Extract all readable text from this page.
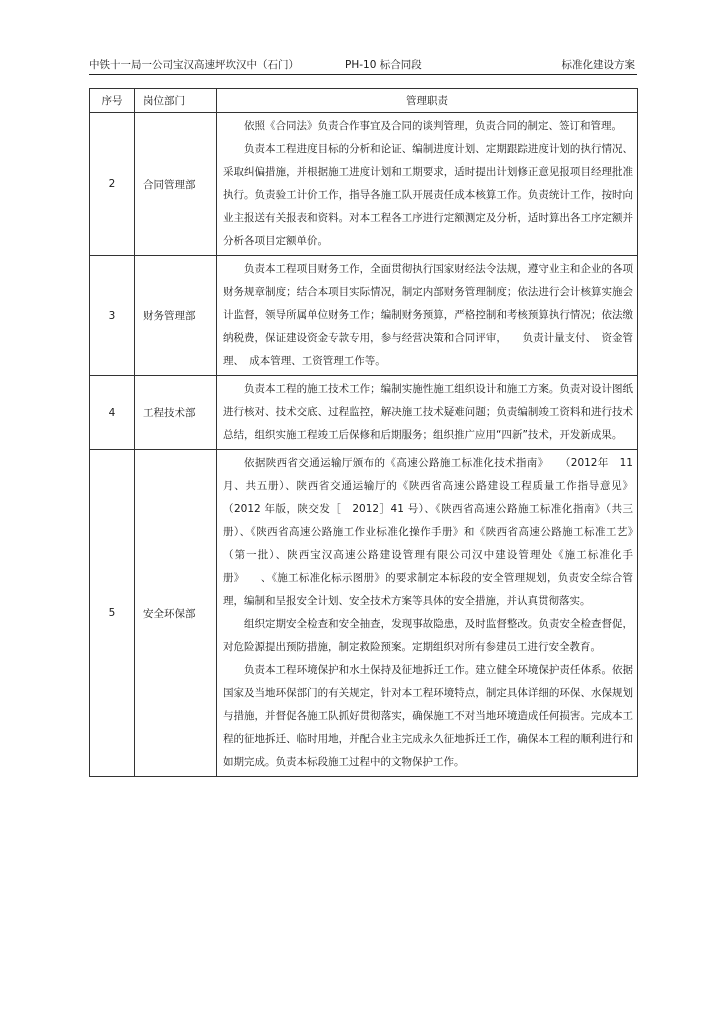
中铁十一局一公司宝汉高速坪坎汉中（石门）	PH-10 标合同段	标准化建设方案
序号	岗位部门	管理职责
2	合同管理部	依照《合同法》负责合作事宜及合同的谈判管理，负责合同的制定、签订和管理。
负责本工程进度目标的分析和论证、编制进度计划、定期跟踪进度计划的执行情况、采取纠偏措施，并根据施工进度计划和工期要求，适时提出计划修正意见报项目经理批准执行。负责验工计价工作，指导各施工队开展责任成本核算工作。负责统计工作，按时向业主报送有关报表和资料。对本工程各工序进行定额测定及分析，适时算出各工序定额并分析各项目定额单价。

3	财务管理部	负责本工程项目财务工作，全面贯彻执行国家财经法令法规，遵守业主和企业的各项财务规章制度；结合本项目实际情况，制定内部财务管理制度；依法进行会计核算实施会计监督，领导所属单位财务工作；编制财务预算，严格控制和考核预算执行情况；依法缴纳税费，保证建设资金专款专用，参与经营决策和合同评审，　　负责计量支付、　资金管理、　成本管理、工资管理工作等。

4	工程技术部	负责本工程的施工技术工作；编制实施性施工组织设计和施工方案。负责对设计图纸进行核对、技术交底、过程监控，解决施工技术疑难问题；负责编制竣工资料和进行技术总结，组织实施工程竣工后保修和后期服务；组织推广应用“四新”技术，开发新成果。

5	安全环保部	依据陕西省交通运输厅颁布的《高速公路施工标准化技术指南》　　（2012年　11　月、共五册）、陕西省交通运输厅的《陕西省高速公路建设工程质量工作指导意见》（2012 年版，陕交发［　2012］41 号）、《陕西省高速公路施工标准化指南》（共三册）、《陕西省高速公路施工作业标准化操作手册》和《陕西省高速公路施工标准工艺》　　（第一批）、陕西宝汉高速公路建设管理有限公司汉中建设管理处《施工标准化手册》　　、《施工标准化标示图册》的要求制定本标段的安全管理规划，负责安全综合管理，编制和呈报安全计划、安全技术方案等具体的安全措施，并认真贯彻落实。
组织定期安全检查和安全抽查，发现事故隐患，及时监督整改。负责安全检查督促，对危险源提出预防措施，制定救险预案。定期组织对所有参建员工进行安全教育。
负责本工程环境保护和水土保持及征地拆迁工作。建立健全环境保护责任体系。依据国家及当地环保部门的有关规定，针对本工程环境特点，制定具体详细的环保、水保规划与措施，并督促各施工队抓好贯彻落实，确保施工不对当地环境造成任何损害。完成本工程的征地拆迁、临时用地，并配合业主完成永久征地拆迁工作，确保本工程的顺利进行和如期完成。负责本标段施工过程中的文物保护工作。
